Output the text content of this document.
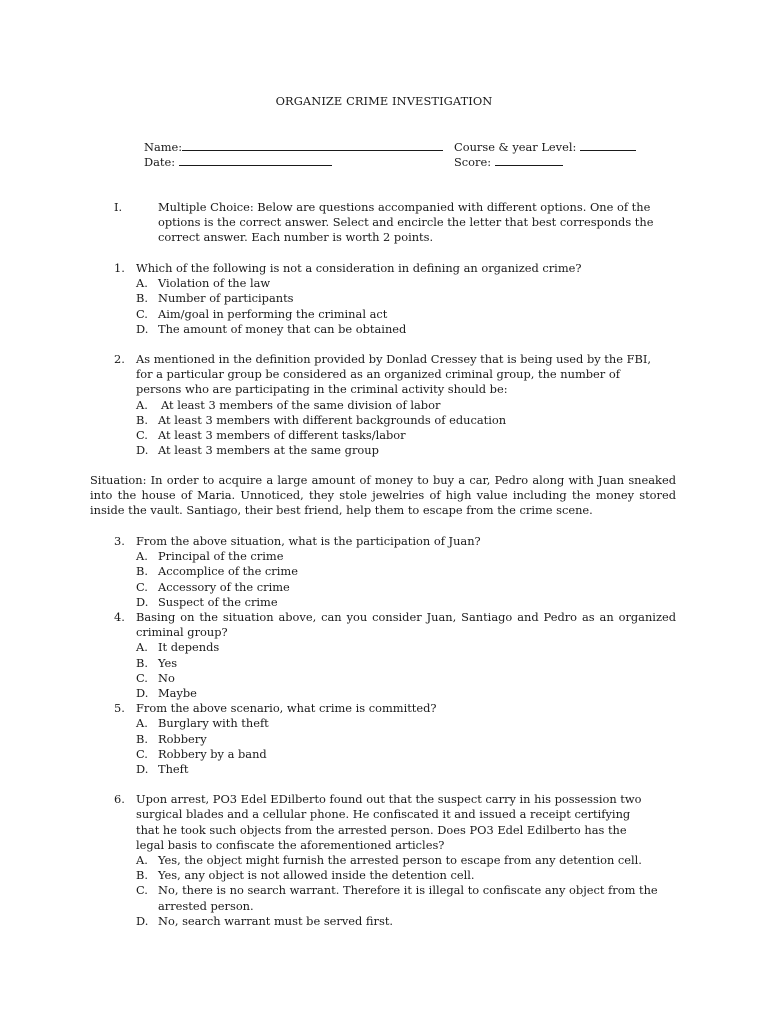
ORGANIZE CRIME INVESTIGATION
Name:	Course & year Level:
Date:	Score:
I.	Multiple Choice: Below are questions accompanied with different options. One of the options is the correct answer. Select and encircle the letter that best corresponds the correct answer. Each number is worth 2 points.
1. Which of the following is not a consideration in defining an organized crime?
A. Violation of the law
B. Number of participants
C. Aim/goal in performing the criminal act
D. The amount of money that can be obtained
2. As mentioned in the definition provided by Donlad Cressey that is being used by the FBI, for a particular group be considered as an organized criminal group, the number of persons who are participating in the criminal activity should be:
A. At least 3 members of the same division of labor
B. At least 3 members with different backgrounds of education
C. At least 3 members of different tasks/labor
D. At least 3 members at the same group
Situation: In order to acquire a large amount of money to buy a car, Pedro along with Juan sneaked into the house of Maria. Unnoticed, they stole jewelries of high value including the money stored inside the vault. Santiago, their best friend, help them to escape from the crime scene.
3. From the above situation, what is the participation of Juan?
A. Principal of the crime
B. Accomplice of the crime
C. Accessory of the crime
D. Suspect of the crime
4. Basing on the situation above, can you consider Juan, Santiago and Pedro as an organized criminal group?
A. It depends
B. Yes
C. No
D. Maybe
5. From the above scenario, what crime is committed?
A. Burglary with theft
B. Robbery
C. Robbery by a band
D. Theft
6. Upon arrest, PO3 Edel EDilberto found out that the suspect carry in his possession two surgical blades and a cellular phone. He confiscated it and issued a receipt certifying that he took such objects from the arrested person. Does PO3 Edel Edilberto has the legal basis to confiscate the aforementioned articles?
A. Yes, the object might furnish the arrested person to escape from any detention cell.
B. Yes, any object is not allowed inside the detention cell.
C. No, there is no search warrant. Therefore it is illegal to confiscate any object from the arrested person.
D. No, search warrant must be served first.
